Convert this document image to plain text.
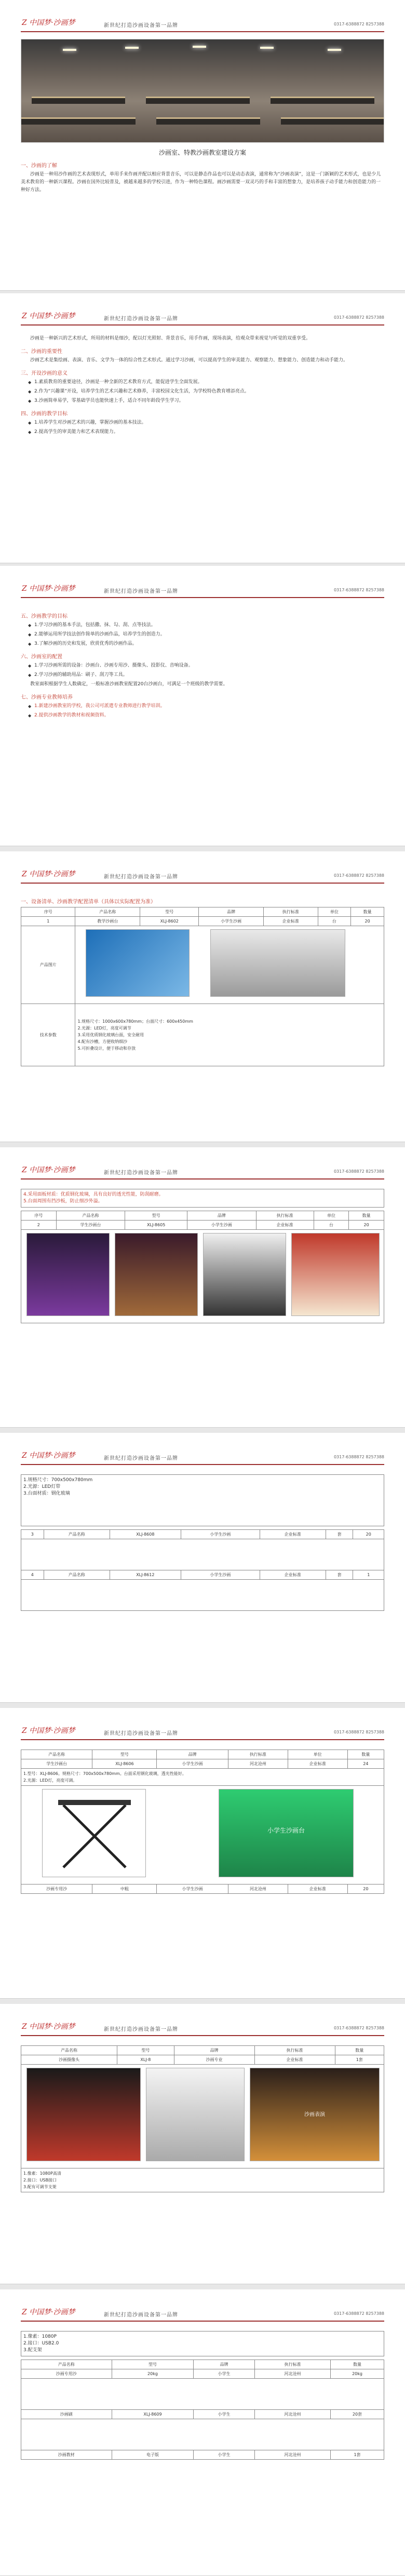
Z 中国梦·沙画梦	新世纪打造沙画设备第一品牌	0317-6388872 8257388
沙画室、特教沙画教室建设方案
一、沙画的了解

沙画是一种用沙作画的艺术表现形式，单用手来作画并配以相应背景音乐，可以是静态作品也可以是动态表演，通常称为“沙画表演”，这是一门新颖的艺术形式，也是少儿美术教育的一种新兴课程。沙画在国外比较普及，被越来越多的学校引进，作为一种特色课程。画沙画需要一双灵巧的手和丰富的想象力，是培养孩子动手能力和创造能力的一种好方法。

Z 中国梦·沙画梦	新世纪打造沙画设备第一品牌	0317-6388872 8257388

沙画是一种新兴的艺术形式，所用的材料是细沙，配以灯光照射、背景音乐，用手作画，现场表演，给观众带来视觉与听觉的双重享受。

二、沙画的重要性

沙画艺术是集绘画、表演、音乐、文学为一体的综合性艺术形式。通过学习沙画，可以提高学生的审美能力、观察能力、想象能力、创造能力和动手能力。

三、开设沙画的意义
◆ 1.素质教育的重要途径，沙画是一种全新的艺术教育方式，能促进学生全面发展。
◆ 2.作为“兴趣课”开设，培养学生的艺术兴趣和艺术修养，丰富校园文化生活，为学校特色教育增添亮点。
◆ 3.沙画简单易学，零基础学员也能快速上手，适合不同年龄段学生学习。
四、沙画的教学目标
◆ 1.培养学生对沙画艺术的兴趣，掌握沙画的基本技法。
◆ 2.提高学生的审美能力和艺术表现能力。
Z 中国梦·沙画梦	新世纪打造沙画设备第一品牌	0317-6388872 8257388
五、沙画教学的目标
◆ 1.学习沙画的基本手法，包括撒、抹、勾、刮、点等技法。
◆ 2.能够运用所学技法创作简单的沙画作品，培养学生的创造力。
◆ 3.了解沙画的历史和发展，欣赏优秀的沙画作品。
六、沙画室的配置
◆ 1.学习沙画所需的设备：沙画台、沙画专用沙、摄像头、投影仪、音响设备。
◆ 2.学习沙画的辅助用品：刷子、刮刀等工具。

教室面积根据学生人数确定，一般标准沙画教室配置20台沙画台，可满足一个班级的教学需要。

七、沙画专业教师培养
◆ 1.新建沙画教室的学校，我公司可派遣专业教师进行教学培训。
◆ 2.提供沙画教学的教材和视频资料。
Z 中国梦·沙画梦	新世纪打造沙画设备第一品牌	0317-6388872 8257388
一、设备清单、沙画教学配置清单（具体以实际配置为准）
序号	产品名称	型号	品牌	执行标准	单位	数量
1	教学沙画台	XLJ-8602	小学生沙画	企业标准	台	20
产品图片						

技术参数	1.规格尺寸：1000x600x780mm；台面尺寸：600x450mm
2.光源：LED灯，亮度可调节
3.采用优质钢化玻璃台面，安全耐用
4.配有沙槽，方便收纳细沙
5.可折叠设计，便于移动和存放					
Z 中国梦·沙画梦	新世纪打造沙画设备第一品牌	0317-6388872 8257388
4.采用面板材质：优质钢化玻璃，具有良好的透光性能，防刮耐磨。
5.台面周围有挡沙板，防止细沙外溢。
序号	产品名称	型号	品牌	执行标准	单位	数量
2	学生沙画台	XLJ-8605	小学生沙画	企业标准	台	20

Z 中国梦·沙画梦	新世纪打造沙画设备第一品牌	0317-6388872 8257388
1.规格尺寸：700x500x780mm
2.光源：LED灯带
3.台面材质：钢化玻璃
3	产品名称	XLJ-8608	小学生沙画	企业标准	套	20

4	产品名称	XLJ-8612	小学生沙画	企业标准	套	1

Z 中国梦·沙画梦	新世纪打造沙画设备第一品牌	0317-6388872 8257388
产品名称	型号	品牌	执行标准	单位	数量
学生沙画台	XLJ-8606	小学生沙画	河北沧州	企业标准	24
1.型号：XLJ-8606。规格尺寸：700x500x780mm。台面采用钢化玻璃，透光性能好。
2.光源：LED灯，亮度可调。					

小学生沙画台					

沙画专用沙	中粗	小学生沙画	河北沧州	企业标准	20
Z 中国梦·沙画梦	新世纪打造沙画设备第一品牌	0317-6388872 8257388
产品名称	型号	品牌	执行标准	数量
沙画摄像头	XLJ-8	沙画专业	企业标准	1套

沙画表演				

1.像素：1080P高清
2.接口：USB接口
3.配有可调节支架				
Z 中国梦·沙画梦	新世纪打造沙画设备第一品牌	0317-6388872 8257388
1.像素：1080P
2.接口：USB2.0
3.配支架
产品名称	型号	品牌	执行标准	数量
沙画专用沙	20kg	小学生	河北沧州	20kg

沙画刷	XLJ-8609	小学生	河北沧州	20套

沙画教材	电子版	小学生	河北沧州	1套
